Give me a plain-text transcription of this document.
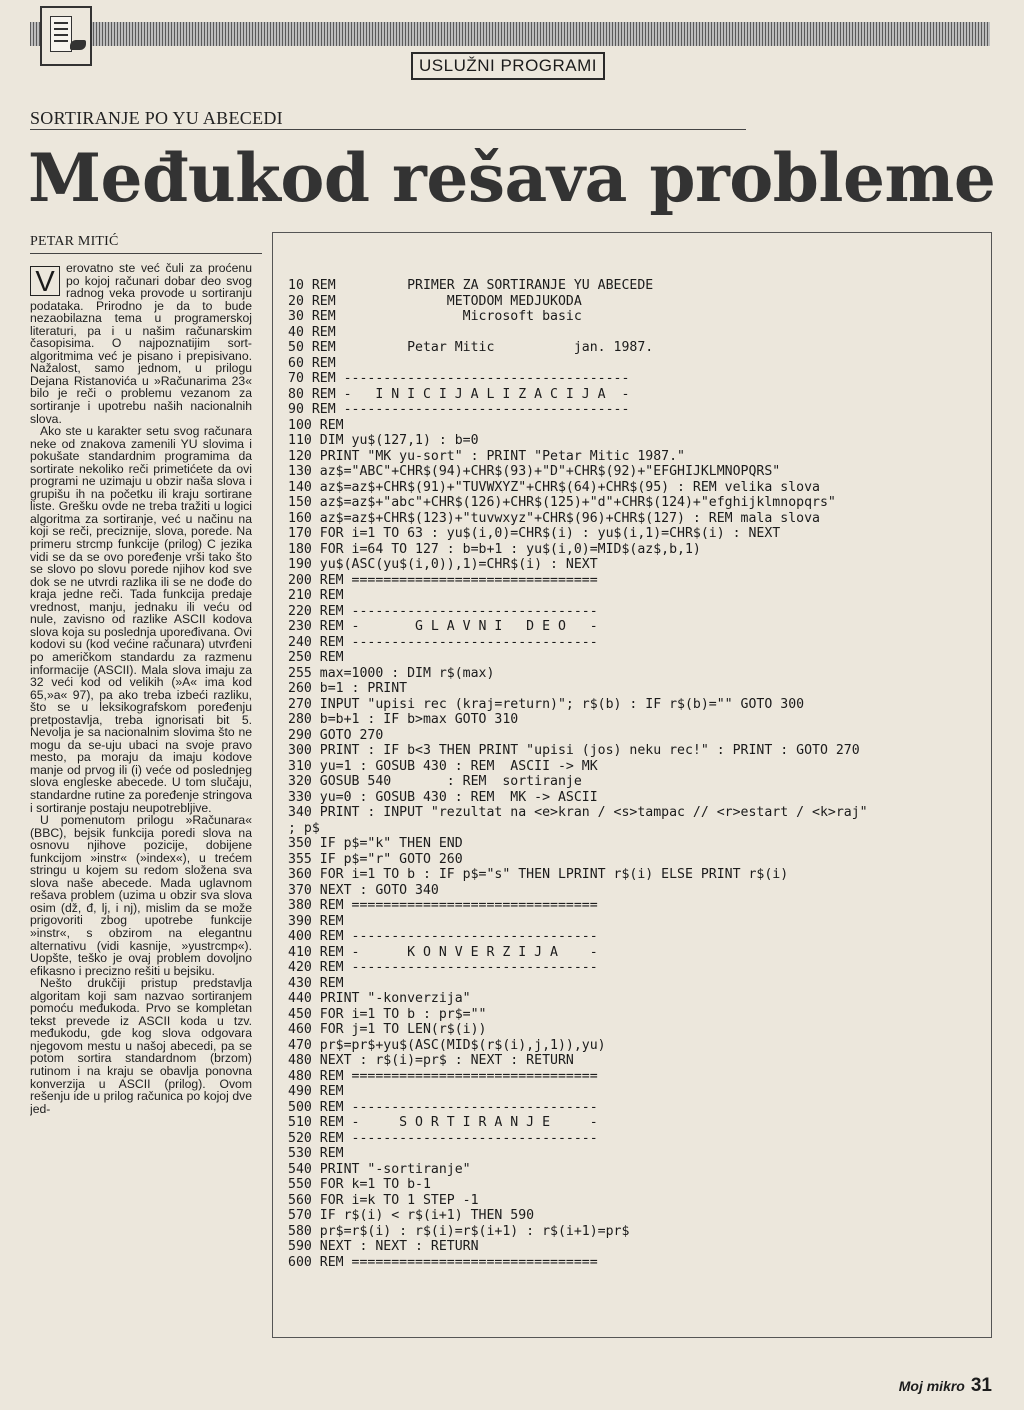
USLUŽNI PROGRAMI
SORTIRANJE PO YU ABECEDI
Međukod rešava probleme
PETAR MITIĆ
V erovatno ste već čuli za proćenu po kojoj računari dobar deo svog radnog veka provode u sortiranju podataka. Prirodno je da to bude nezaobilazna tema u programerskoj literaturi, pa i u našim računarskim časopisima. O najpoznatijim sort-algoritmima već je pisano i prepisivano. Nažalost, samo jednom, u prilogu Dejana Ristanovića u »Računarima 23« bilo je reči o problemu vezanom za sortiranje i upotrebu naših nacionalnih slova.

Ako ste u karakter setu svog računara neke od znakova zamenili YU slovima i pokušate standardnim programima da sortirate nekoliko reči primetićete da ovi programi ne uzimaju u obzir naša slova i grupišu ih na početku ili kraju sortirane liste. Grešku ovde ne treba tražiti u logici algoritma za sortiranje, već u načinu na koji se reči, preciznije, slova, porede. Na primeru strcmp funkcije (prilog) C jezika vidi se da se ovo poređenje vrši tako što se slovo po slovu porede njihov kod sve dok se ne utvrdi razlika ili se ne dođe do kraja jedne reči. Tada funkcija predaje vrednost, manju, jednaku ili veću od nule, zavisno od razlike ASCII kodova slova koja su poslednja upoređivana. Ovi kodovi su (kod većine računara) utvrđeni po američkom standardu za razmenu informacije (ASCII). Mala slova imaju za 32 veći kod od velikih (»A« ima kod 65,»a« 97), pa ako treba izbeći razliku, što se u leksikografskom poređenju pretpostavlja, treba ignorisati bit 5. Nevolja je sa nacionalnim slovima što ne mogu da se-uju ubaci na svoje pravo mesto, pa moraju da imaju kodove manje od prvog ili (i) veće od poslednjeg slova engleske abecede. U tom slučaju, standardne rutine za poređenje stringova i sortiranje postaju neupotrebljive.

U pomenutom prilogu »Računara« (BBC), bejsik funkcija poredi slova na osnovu njihove pozicije, dobijene funkcijom »instr« (»index«), u trećem stringu u kojem su redom složena sva slova naše abecede. Mada uglavnom rešava problem (uzima u obzir sva slova osim (dž, đ, lj, i nj), mislim da se može prigovoriti zbog upotrebe funkcije »instr«, s obzirom na elegantnu alternativu (vidi kasnije, »yustrcmp«). Uopšte, teško je ovaj problem dovoljno efikasno i precizno rešiti u bejsiku.

Nešto drukčiji pristup predstavlja algoritam koji sam nazvao sortiranjem pomoću međukoda. Prvo se kompletan tekst prevede iz ASCII koda u tzv. međukodu, gde kog slova odgovara njegovom mestu u našoj abecedi, pa se potom sortira standardnom (brzom) rutinom i na kraju se obavlja ponovna konverzija u ASCII (prilog). Ovom rešenju ide u prilog računica po kojoj dve jed-

10 REM         PRIMER ZA SORTIRANJE YU ABECEDE
20 REM              METODOM MEDJUKODA
30 REM                Microsoft basic
40 REM
50 REM         Petar Mitic          jan. 1987.
60 REM
70 REM ------------------------------------
80 REM -   I N I C I J A L I Z A C I J A  -
90 REM ------------------------------------
100 REM
110 DIM yu$(127,1) : b=0
120 PRINT "MK yu-sort" : PRINT "Petar Mitic 1987."
130 az$="ABC"+CHR$(94)+CHR$(93)+"D"+CHR$(92)+"EFGHIJKLMNOPQRS"
140 az$=az$+CHR$(91)+"TUVWXYZ"+CHR$(64)+CHR$(95) : REM velika slova
150 az$=az$+"abc"+CHR$(126)+CHR$(125)+"d"+CHR$(124)+"efghijklmnopqrs"
160 az$=az$+CHR$(123)+"tuvwxyz"+CHR$(96)+CHR$(127) : REM mala slova
170 FOR i=1 TO 63 : yu$(i,0)=CHR$(i) : yu$(i,1)=CHR$(i) : NEXT
180 FOR i=64 TO 127 : b=b+1 : yu$(i,0)=MID$(az$,b,1)
190 yu$(ASC(yu$(i,0)),1)=CHR$(i) : NEXT
200 REM ===============================
210 REM
220 REM -------------------------------
230 REM -       G L A V N I   D E O   -
240 REM -------------------------------
250 REM
255 max=1000 : DIM r$(max)
260 b=1 : PRINT
270 INPUT "upisi rec (kraj=return)"; r$(b) : IF r$(b)="" GOTO 300
280 b=b+1 : IF b>max GOTO 310
290 GOTO 270
300 PRINT : IF b<3 THEN PRINT "upisi (jos) neku rec!" : PRINT : GOTO 270
310 yu=1 : GOSUB 430 : REM  ASCII -> MK
320 GOSUB 540       : REM  sortiranje
330 yu=0 : GOSUB 430 : REM  MK -> ASCII
340 PRINT : INPUT "rezultat na <e>kran / <s>tampac // <r>estart / <k>raj"
; p$
350 IF p$="k" THEN END
355 IF p$="r" GOTO 260
360 FOR i=1 TO b : IF p$="s" THEN LPRINT r$(i) ELSE PRINT r$(i)
370 NEXT : GOTO 340
380 REM ===============================
390 REM
400 REM -------------------------------
410 REM -      K O N V E R Z I J A    -
420 REM -------------------------------
430 REM
440 PRINT "-konverzija"
450 FOR i=1 TO b : pr$=""
460 FOR j=1 TO LEN(r$(i))
470 pr$=pr$+yu$(ASC(MID$(r$(i),j,1)),yu)
480 NEXT : r$(i)=pr$ : NEXT : RETURN
480 REM ===============================
490 REM
500 REM -------------------------------
510 REM -     S O R T I R A N J E     -
520 REM -------------------------------
530 REM
540 PRINT "-sortiranje"
550 FOR k=1 TO b-1
560 FOR i=k TO 1 STEP -1
570 IF r$(i) < r$(i+1) THEN 590
580 pr$=r$(i) : r$(i)=r$(i+1) : r$(i+1)=pr$
590 NEXT : NEXT : RETURN
600 REM ===============================
Moj mikro 31
